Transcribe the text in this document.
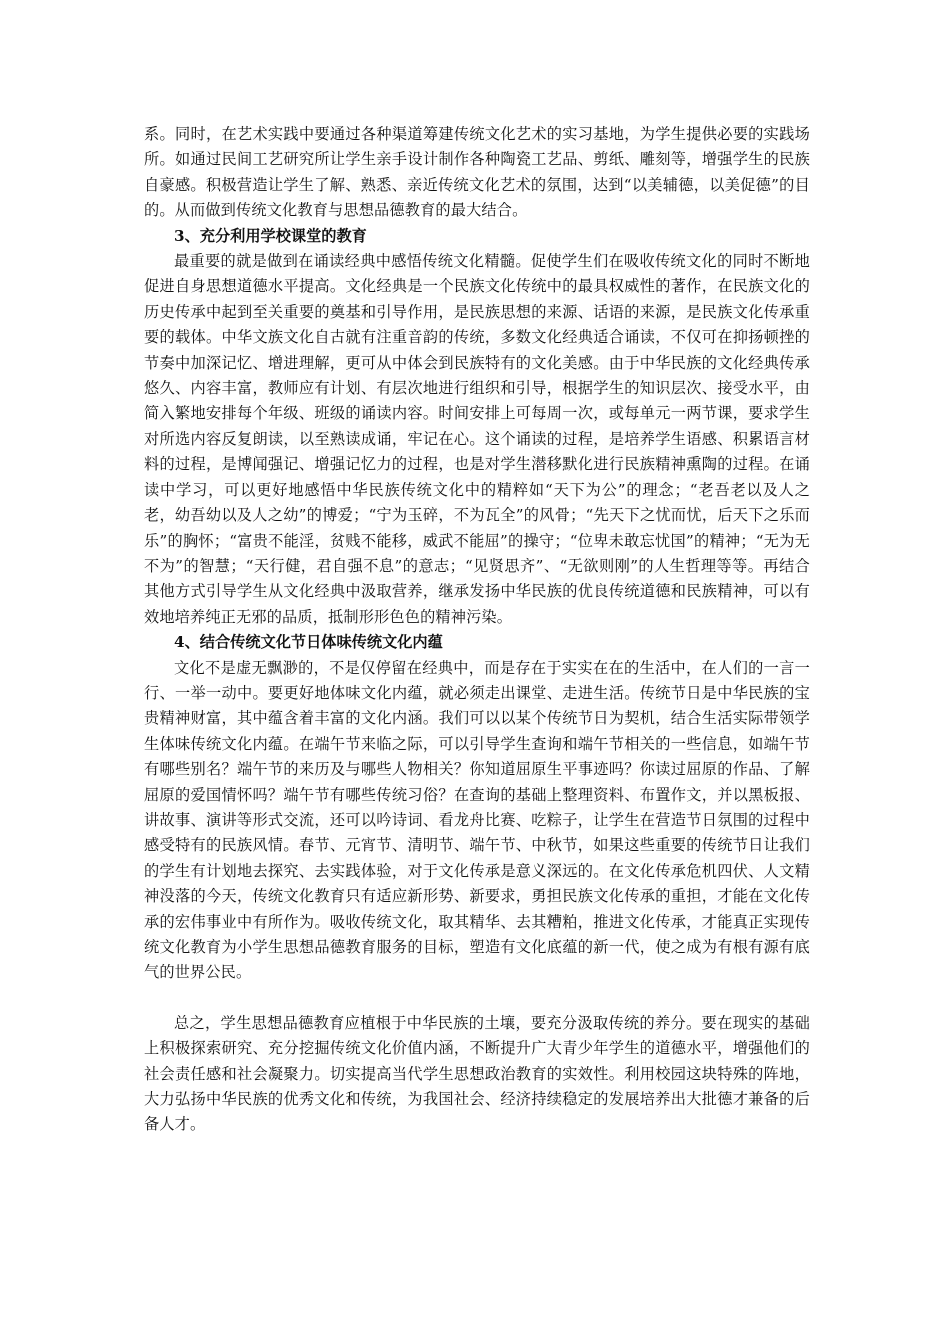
系。同时，在艺术实践中要通过各种渠道筹建传统文化艺术的实习基地，为学生提供必要的实践场所。如通过民间工艺研究所让学生亲手设计制作各种陶瓷工艺品、剪纸、雕刻等，增强学生的民族自豪感。积极营造让学生了解、熟悉、亲近传统文化艺术的氛围，达到“以美辅德，以美促德”的目的。从而做到传统文化教育与思想品德教育的最大结合。

3、充分利用学校课堂的教育

最重要的就是做到在诵读经典中感悟传统文化精髓。促使学生们在吸收传统文化的同时不断地促进自身思想道德水平提高。文化经典是一个民族文化传统中的最具权威性的著作，在民族文化的历史传承中起到至关重要的奠基和引导作用，是民族思想的来源、话语的来源，是民族文化传承重要的载体。中华文族文化自古就有注重音韵的传统，多数文化经典适合诵读，不仅可在抑扬顿挫的节奏中加深记忆、增进理解，更可从中体会到民族特有的文化美感。由于中华民族的文化经典传承悠久、内容丰富，教师应有计划、有层次地进行组织和引导，根据学生的知识层次、接受水平，由简入繁地安排每个年级、班级的诵读内容。时间安排上可每周一次，或每单元一两节课，要求学生对所选内容反复朗读，以至熟读成诵，牢记在心。这个诵读的过程，是培养学生语感、积累语言材料的过程，是博闻强记、增强记忆力的过程，也是对学生潜移默化进行民族精神熏陶的过程。在诵读中学习，可以更好地感悟中华民族传统文化中的精粹如“天下为公”的理念；“老吾老以及人之老，幼吾幼以及人之幼”的博爱；“宁为玉碎，不为瓦全”的风骨；“先天下之忧而忧，后天下之乐而乐”的胸怀；“富贵不能淫，贫贱不能移，威武不能屈”的操守；“位卑未敢忘忧国”的精神；“无为无不为”的智慧；“天行健，君自强不息”的意志；“见贤思齐”、“无欲则刚”的人生哲理等等。再结合其他方式引导学生从文化经典中汲取营养，继承发扬中华民族的优良传统道德和民族精神，可以有效地培养纯正无邪的品质，抵制形形色色的精神污染。

4、结合传统文化节日体味传统文化内蕴

文化不是虚无飘渺的，不是仅停留在经典中，而是存在于实实在在的生活中，在人们的一言一行、一举一动中。要更好地体味文化内蕴，就必须走出课堂、走进生活。传统节日是中华民族的宝贵精神财富，其中蕴含着丰富的文化内涵。我们可以以某个传统节日为契机，结合生活实际带领学生体味传统文化内蕴。在端午节来临之际，可以引导学生查询和端午节相关的一些信息，如端午节有哪些别名？端午节的来历及与哪些人物相关？你知道屈原生平事迹吗？你读过屈原的作品、了解屈原的爱国情怀吗？端午节有哪些传统习俗？在查询的基础上整理资料、布置作文，并以黑板报、讲故事、演讲等形式交流，还可以吟诗词、看龙舟比赛、吃粽子，让学生在营造节日氛围的过程中感受特有的民族风情。春节、元宵节、清明节、端午节、中秋节，如果这些重要的传统节日让我们的学生有计划地去探究、去实践体验，对于文化传承是意义深远的。在文化传承危机四伏、人文精神没落的今天，传统文化教育只有适应新形势、新要求，勇担民族文化传承的重担，才能在文化传承的宏伟事业中有所作为。吸收传统文化，取其精华、去其糟粕，推进文化传承，才能真正实现传统文化教育为小学生思想品德教育服务的目标，塑造有文化底蕴的新一代，使之成为有根有源有底气的世界公民。

总之，学生思想品德教育应植根于中华民族的土壤，要充分汲取传统的养分。要在现实的基础上积极探索研究、充分挖掘传统文化价值内涵，不断提升广大青少年学生的道德水平，增强他们的社会责任感和社会凝聚力。切实提高当代学生思想政治教育的实效性。利用校园这块特殊的阵地，大力弘扬中华民族的优秀文化和传统，为我国社会、经济持续稳定的发展培养出大批德才兼备的后备人才。
